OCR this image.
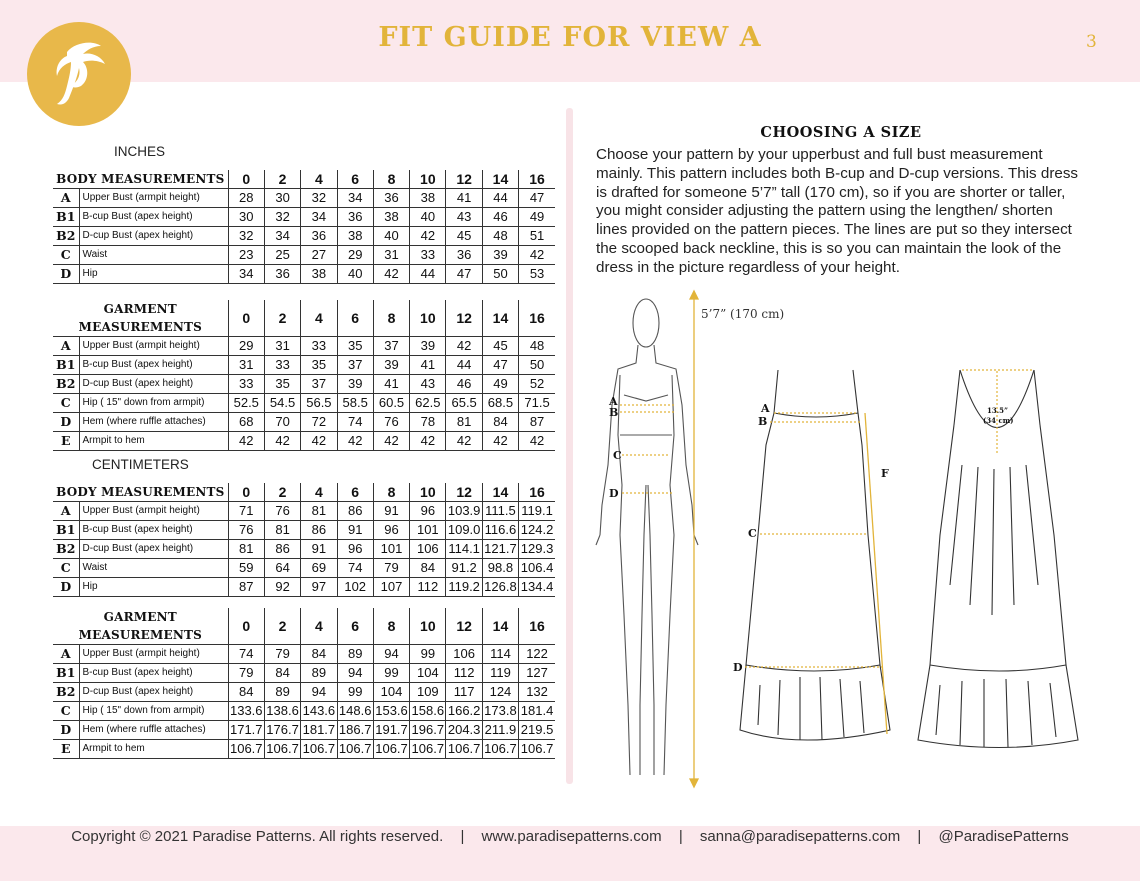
FIT GUIDE FOR VIEW A	3
INCHES
BODY MEASUREMENTS		0	2	4	6	8	10	12	14	16
A	Upper Bust (armpit height)	28	30	32	34	36	38	41	44	47
B1	B-cup Bust (apex height)	30	32	34	36	38	40	43	46	49
B2	D-cup Bust (apex height)	32	34	36	38	40	42	45	48	51
C	Waist	23	25	27	29	31	33	36	39	42
D	Hip	34	36	38	40	42	44	47	50	53
GARMENT MEASUREMENTS		0	2	4	6	8	10	12	14	16
A	Upper Bust (armpit height)	29	31	33	35	37	39	42	45	48
B1	B-cup Bust (apex height)	31	33	35	37	39	41	44	47	50
B2	D-cup Bust (apex height)	33	35	37	39	41	43	46	49	52
C	Hip ( 15" down from armpit)	52.5	54.5	56.5	58.5	60.5	62.5	65.5	68.5	71.5
D	Hem (where ruffle attaches)	68	70	72	74	76	78	81	84	87
E	Armpit to hem	42	42	42	42	42	42	42	42	42
CENTIMETERS
BODY MEASUREMENTS		0	2	4	6	8	10	12	14	16
A	Upper Bust (armpit height)	71	76	81	86	91	96	103.9	111.5	119.1
B1	B-cup Bust (apex height)	76	81	86	91	96	101	109.0	116.6	124.2
B2	D-cup Bust (apex height)	81	86	91	96	101	106	114.1	121.7	129.3
C	Waist	59	64	69	74	79	84	91.2	98.8	106.4
D	Hip	87	92	97	102	107	112	119.2	126.8	134.4
GARMENT MEASUREMENTS		0	2	4	6	8	10	12	14	16
A	Upper Bust (armpit height)	74	79	84	89	94	99	106	114	122
B1	B-cup Bust (apex height)	79	84	89	94	99	104	112	119	127
B2	D-cup Bust (apex height)	84	89	94	99	104	109	117	124	132
C	Hip ( 15" down from armpit)	133.6	138.6	143.6	148.6	153.6	158.6	166.2	173.8	181.4
D	Hem (where ruffle attaches)	171.7	176.7	181.7	186.7	191.7	196.7	204.3	211.9	219.5
E	Armpit to hem	106.7	106.7	106.7	106.7	106.7	106.7	106.7	106.7	106.7
CHOOSING A SIZE
Choose your pattern by your upperbust and full bust measurement mainly. This pattern includes both B-cup and D-cup versions. This dress is drafted for someone 5’7” tall (170 cm), so if you are shorter or taller, you might consider adjusting the pattern using the lengthen/ shorten lines provided on the pattern pieces. The lines are put so they intersect the scooped back neckline, this is so you can maintain the look of the dress in the picture regardless of your height.
5’7” (170 cm)
A
B
C
D
A
B
C
D
F
13.5”
(34 cm)
Copyright © 2021 Paradise Patterns. All rights reserved. | www.paradisepatterns.com | sanna@paradisepatterns.com | @ParadisePatterns
